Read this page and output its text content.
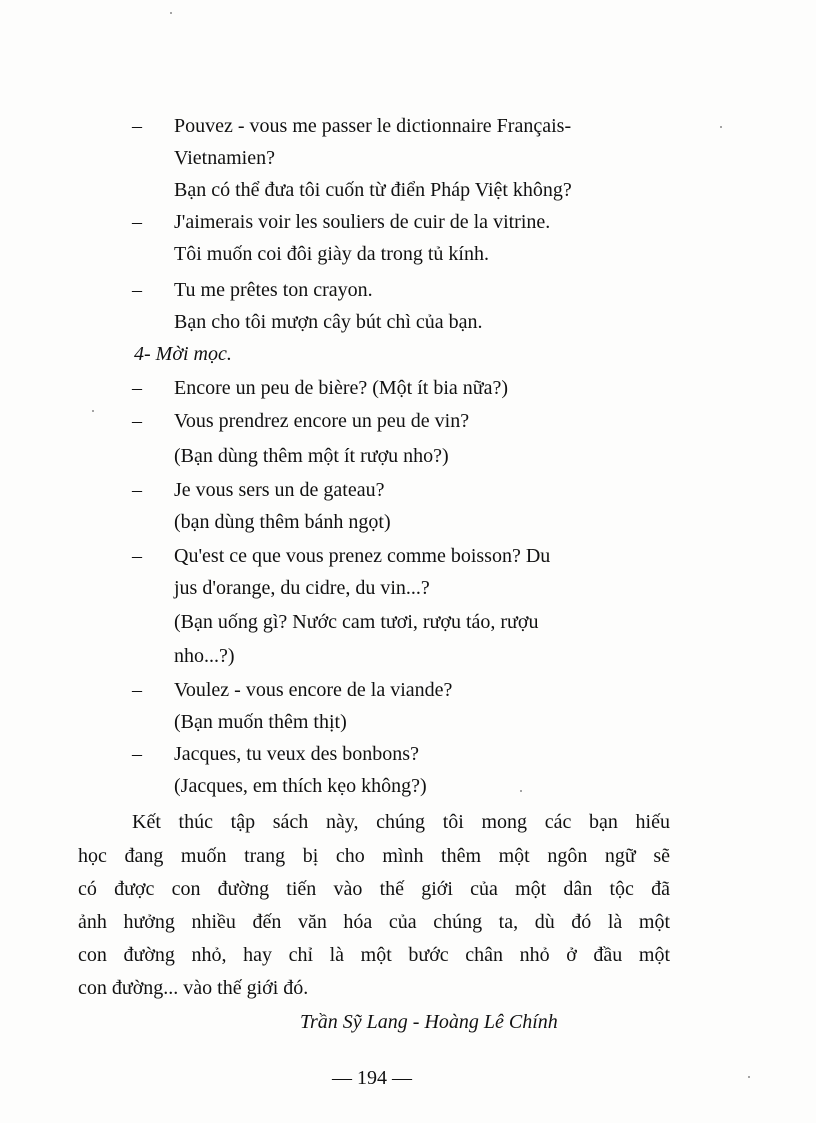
– Pouvez - vous me passer le dictionnaire Français-
Vietnamien?
Bạn có thể đưa tôi cuốn từ điển Pháp Việt không?
– J'aimerais voir les souliers de cuir de la vitrine.
Tôi muốn coi đôi giày da trong tủ kính.
– Tu me prêtes ton crayon.
Bạn cho tôi mượn cây bút chì của bạn.
4- Mời mọc.
– Encore un peu de bière? (Một ít bia nữa?)
– Vous prendrez encore un peu de vin?
(Bạn dùng thêm một ít rượu nho?)
– Je vous sers un de gateau?
(bạn dùng thêm bánh ngọt)
– Qu'est ce que vous prenez comme boisson? Du
jus d'orange, du cidre, du vin...?
(Bạn uống gì? Nước cam tươi, rượu táo, rượu
nho...?)
– Voulez - vous encore de la viande?
(Bạn muốn thêm thịt)
– Jacques, tu veux des bonbons?
(Jacques, em thích kẹo không?)
Kết thúc tập sách này, chúng tôi mong các bạn hiếu
học đang muốn trang bị cho mình thêm một ngôn ngữ sẽ
có được con đường tiến vào thế giới của một dân tộc đã
ảnh hưởng nhiều đến văn hóa của chúng ta, dù đó là một
con đường nhỏ, hay chỉ là một bước chân nhỏ ở đầu một
con đường... vào thế giới đó.
Trần Sỹ Lang - Hoàng Lê Chính
— 194 —
